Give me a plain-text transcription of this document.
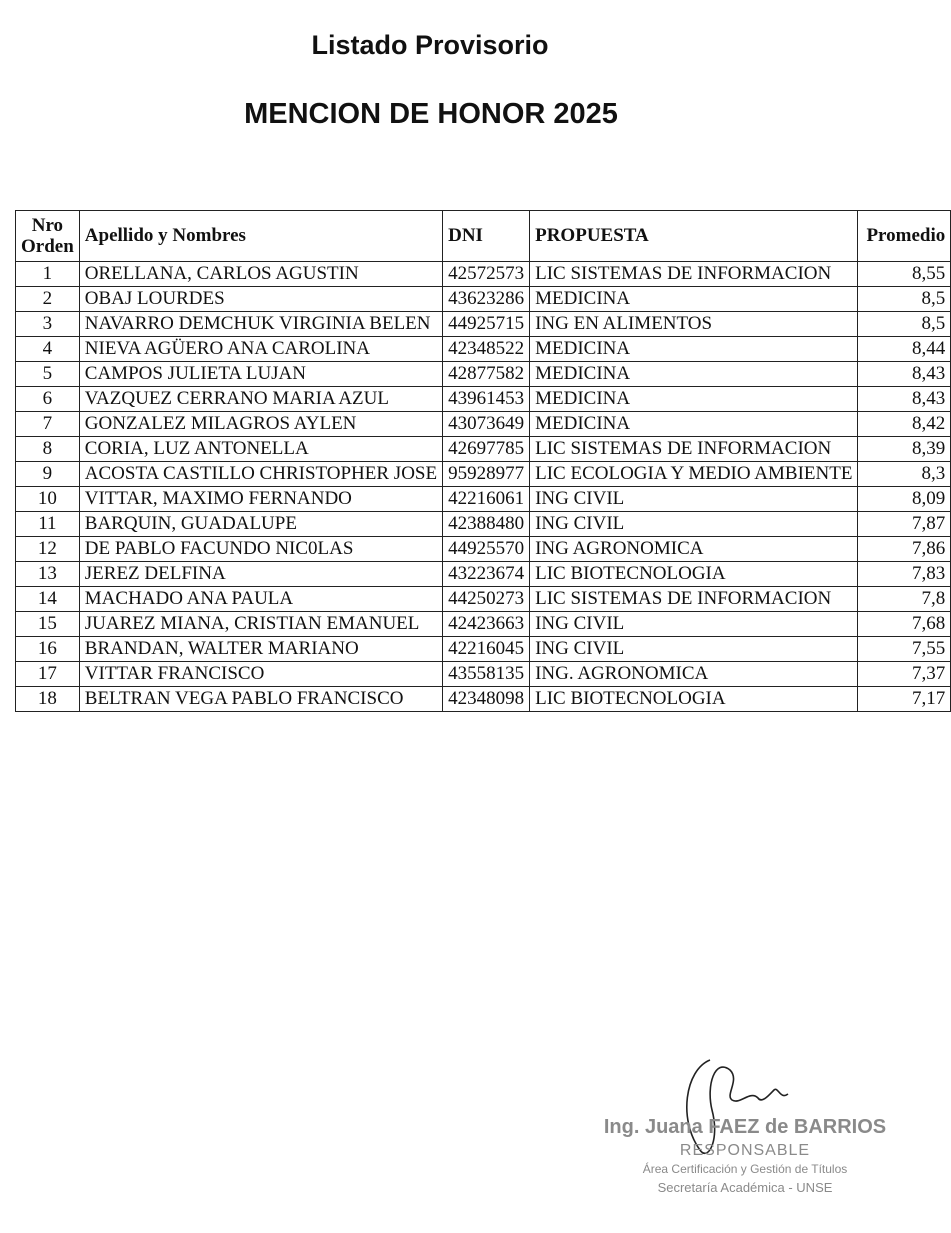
Listado Provisorio
MENCION DE HONOR 2025
Nro
Orden	Apellido y Nombres	DNI	PROPUESTA	Promedio
1	ORELLANA, CARLOS AGUSTIN	42572573	LIC SISTEMAS DE INFORMACION	8,55
2	OBAJ LOURDES	43623286	MEDICINA	8,5
3	NAVARRO DEMCHUK VIRGINIA BELEN	44925715	ING EN ALIMENTOS	8,5
4	NIEVA AGÜERO ANA CAROLINA	42348522	MEDICINA	8,44
5	CAMPOS JULIETA LUJAN	42877582	MEDICINA	8,43
6	VAZQUEZ CERRANO MARIA AZUL	43961453	MEDICINA	8,43
7	GONZALEZ MILAGROS AYLEN	43073649	MEDICINA	8,42
8	CORIA, LUZ ANTONELLA	42697785	LIC SISTEMAS DE INFORMACION	8,39
9	ACOSTA CASTILLO CHRISTOPHER JOSE	95928977	LIC ECOLOGIA Y MEDIO AMBIENTE	8,3
10	VITTAR, MAXIMO FERNANDO	42216061	ING CIVIL	8,09
11	BARQUIN, GUADALUPE	42388480	ING CIVIL	7,87
12	DE PABLO FACUNDO NIC0LAS	44925570	ING AGRONOMICA	7,86
13	JEREZ DELFINA	43223674	LIC BIOTECNOLOGIA	7,83
14	MACHADO ANA PAULA	44250273	LIC SISTEMAS DE INFORMACION	7,8
15	JUAREZ MIANA, CRISTIAN EMANUEL	42423663	ING CIVIL	7,68
16	BRANDAN, WALTER MARIANO	42216045	ING CIVIL	7,55
17	VITTAR FRANCISCO	43558135	ING. AGRONOMICA	7,37
18	BELTRAN VEGA PABLO FRANCISCO	42348098	LIC BIOTECNOLOGIA	7,17
Ing. Juana FAEZ de BARRIOS
RESPONSABLE
Área Certificación y Gestión de Títulos
Secretaría Académica - UNSE
